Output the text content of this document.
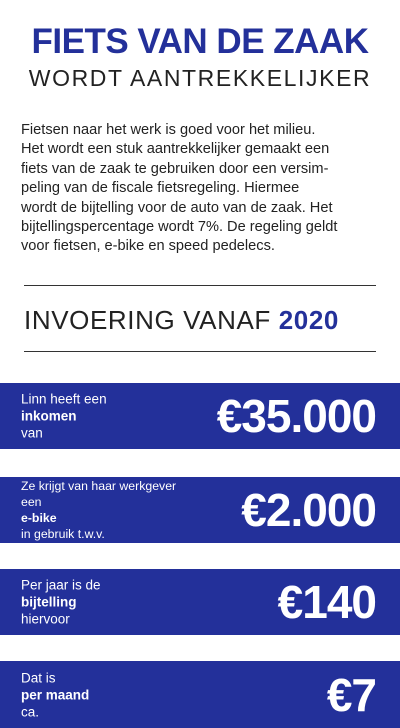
FIETS VAN DE ZAAK
WORDT AANTREKKELIJKER
Fietsen naar het werk is goed voor het milieu.
Het wordt een stuk aantrekkelijker gemaakt een
fiets van de zaak te gebruiken door een versim-
peling van de fiscale fietsregeling. Hiermee
wordt de bijtelling voor de auto van de zaak. Het
bijtellingspercentage wordt 7%. De regeling geldt
voor fietsen, e-bike en speed pedelecs.
INVOERING VANAF 2020
Linn heeft een
inkomen
van	€35.000
Ze krijgt van haar werkgever
een
e-bike
in gebruik t.w.v.	€2.000
Per jaar is de
bijtelling
hiervoor	€140
Dat is
per maand
ca.	€7
